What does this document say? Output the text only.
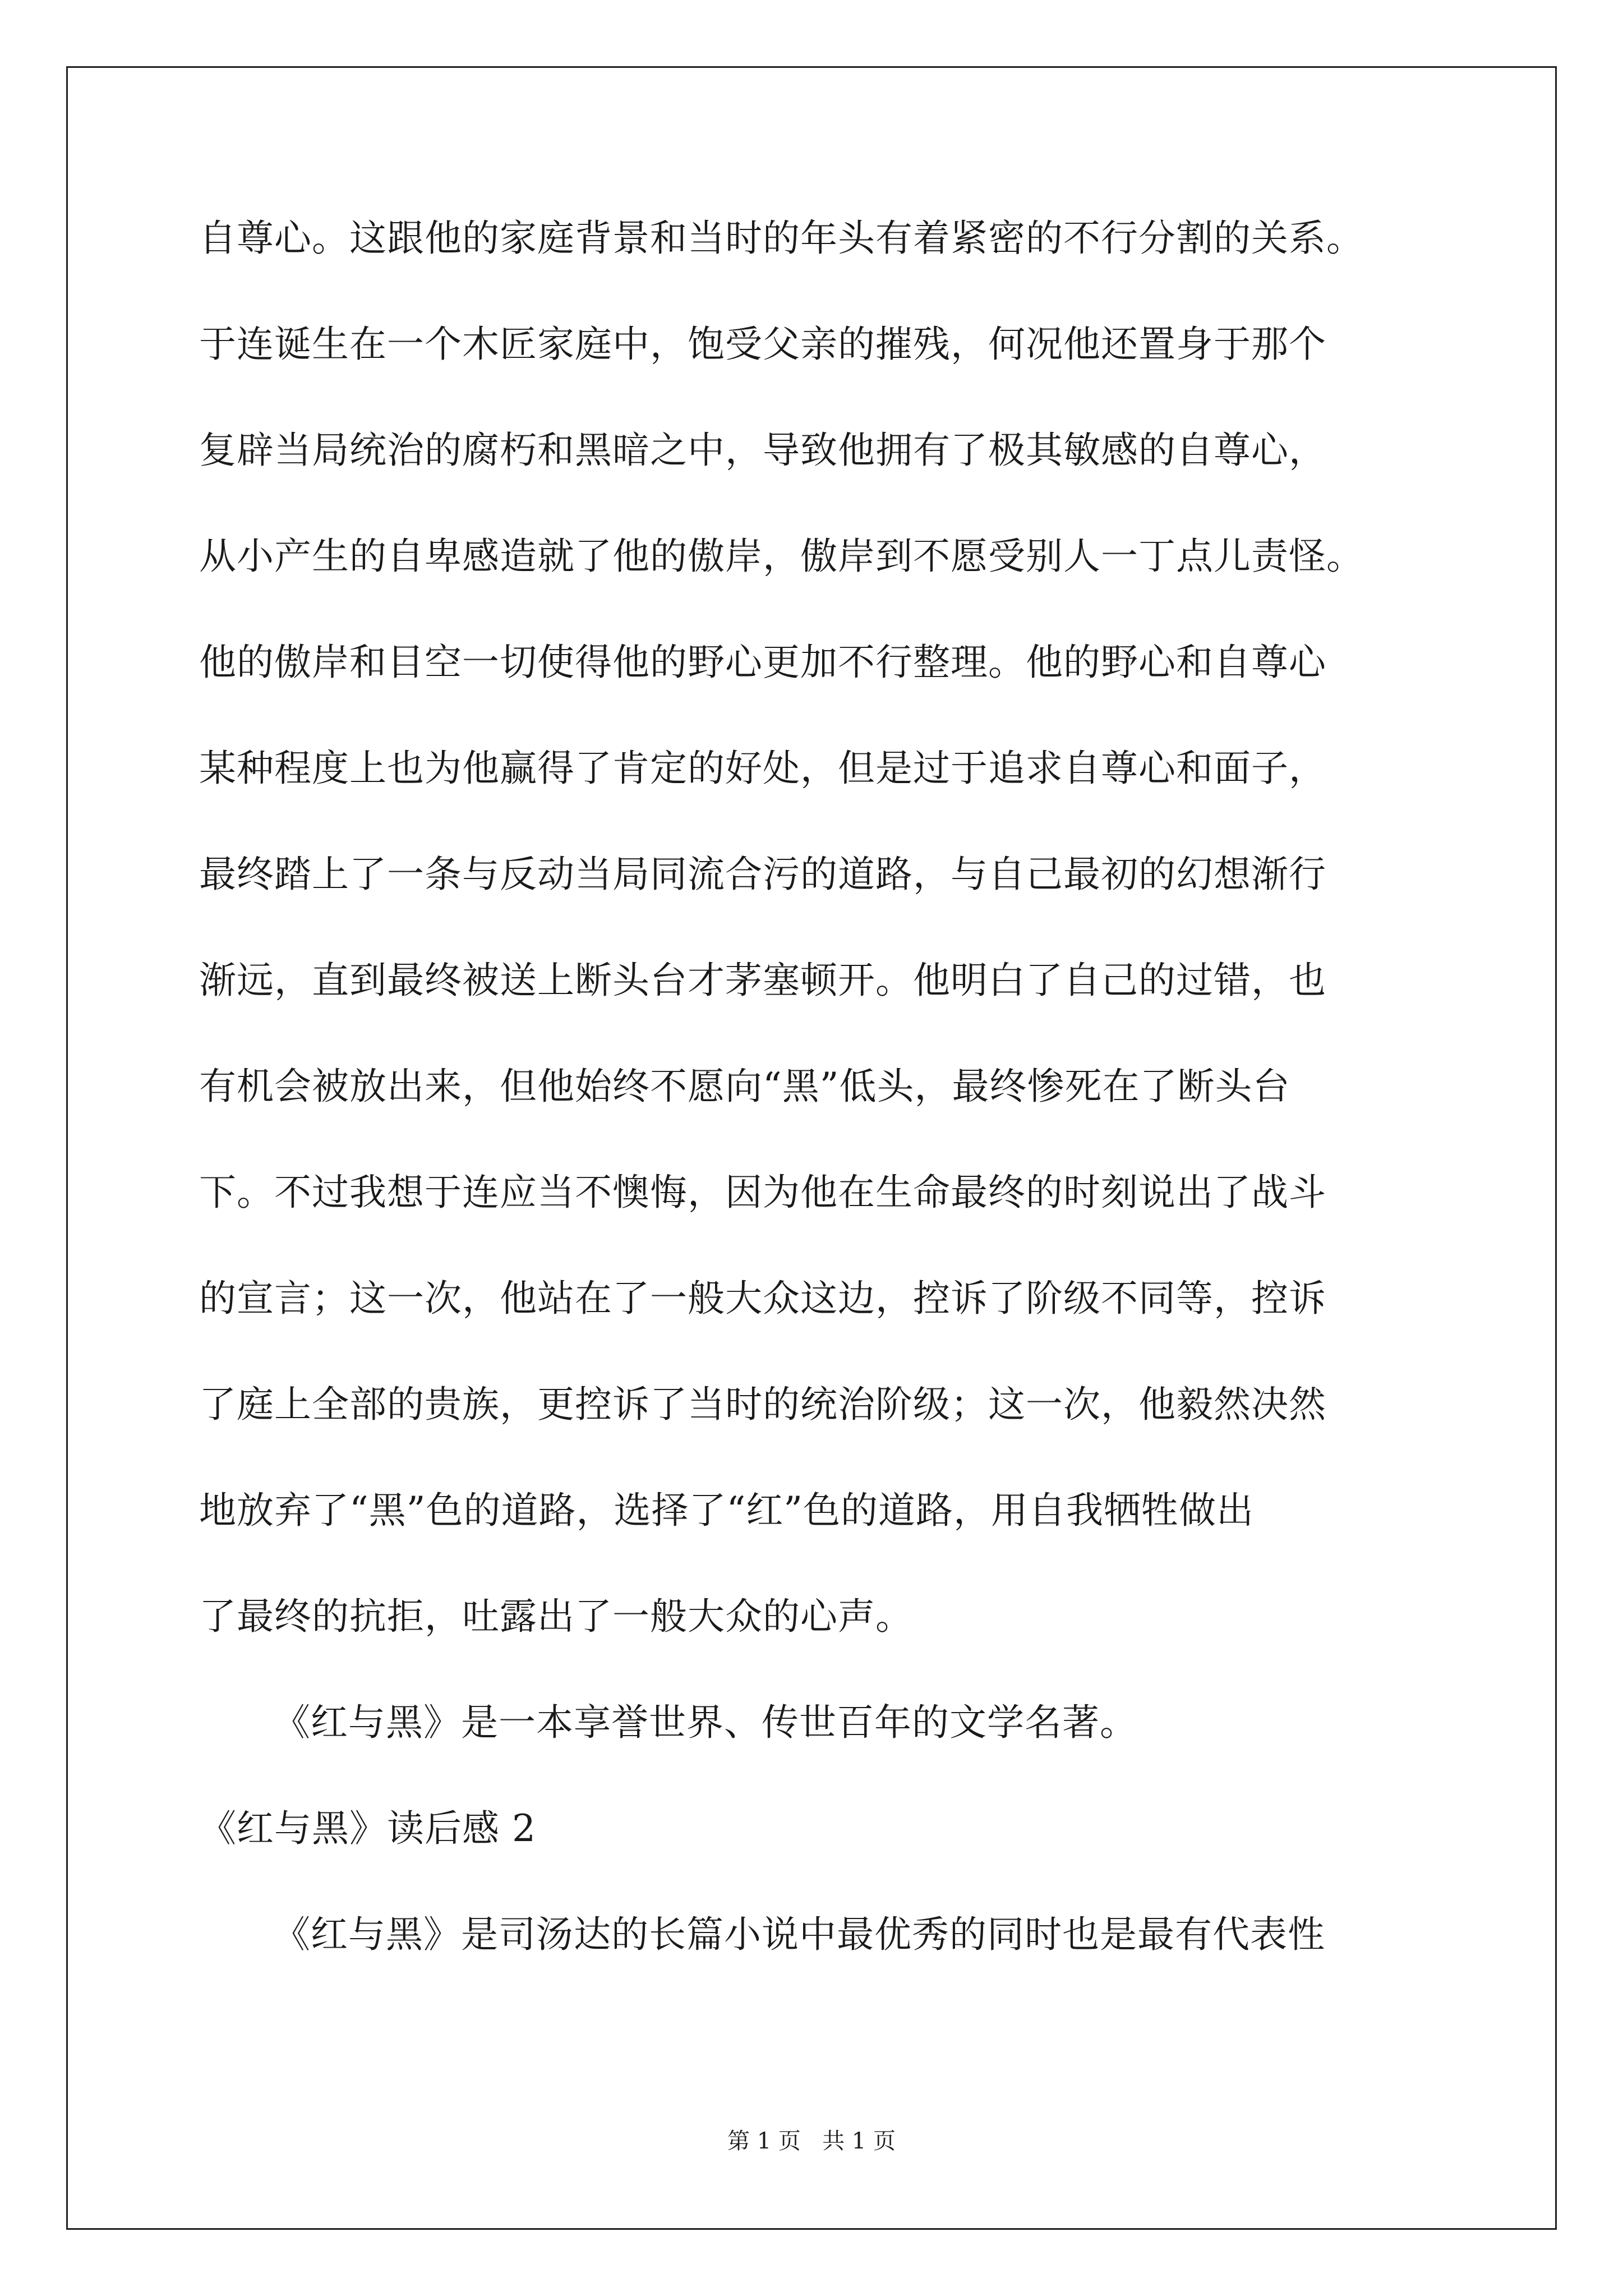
自尊心。这跟他的家庭背景和当时的年头有着紧密的不行分割的关系。
于连诞生在一个木匠家庭中，饱受父亲的摧残，何况他还置身于那个
复辟当局统治的腐朽和黑暗之中，导致他拥有了极其敏感的自尊心，
从小产生的自卑感造就了他的傲岸，傲岸到不愿受别人一丁点儿责怪。
他的傲岸和目空一切使得他的野心更加不行整理。他的野心和自尊心
某种程度上也为他赢得了肯定的好处，但是过于追求自尊心和面子，
最终踏上了一条与反动当局同流合污的道路，与自己最初的幻想渐行
渐远，直到最终被送上断头台才茅塞顿开。他明白了自己的过错，也
有机会被放出来，但他始终不愿向“黑”低头，最终惨死在了断头台
下。不过我想于连应当不懊悔，因为他在生命最终的时刻说出了战斗
的宣言；这一次，他站在了一般大众这边，控诉了阶级不同等，控诉
了庭上全部的贵族，更控诉了当时的统治阶级；这一次，他毅然决然
地放弃了“黑”色的道路，选择了“红”色的道路，用自我牺牲做出
了最终的抗拒，吐露出了一般大众的心声。
《红与黑》是一本享誉世界、传世百年的文学名著。
《红与黑》读后感 2
《红与黑》是司汤达的长篇小说中最优秀的同时也是最有代表性
第 1 页   共 1 页
